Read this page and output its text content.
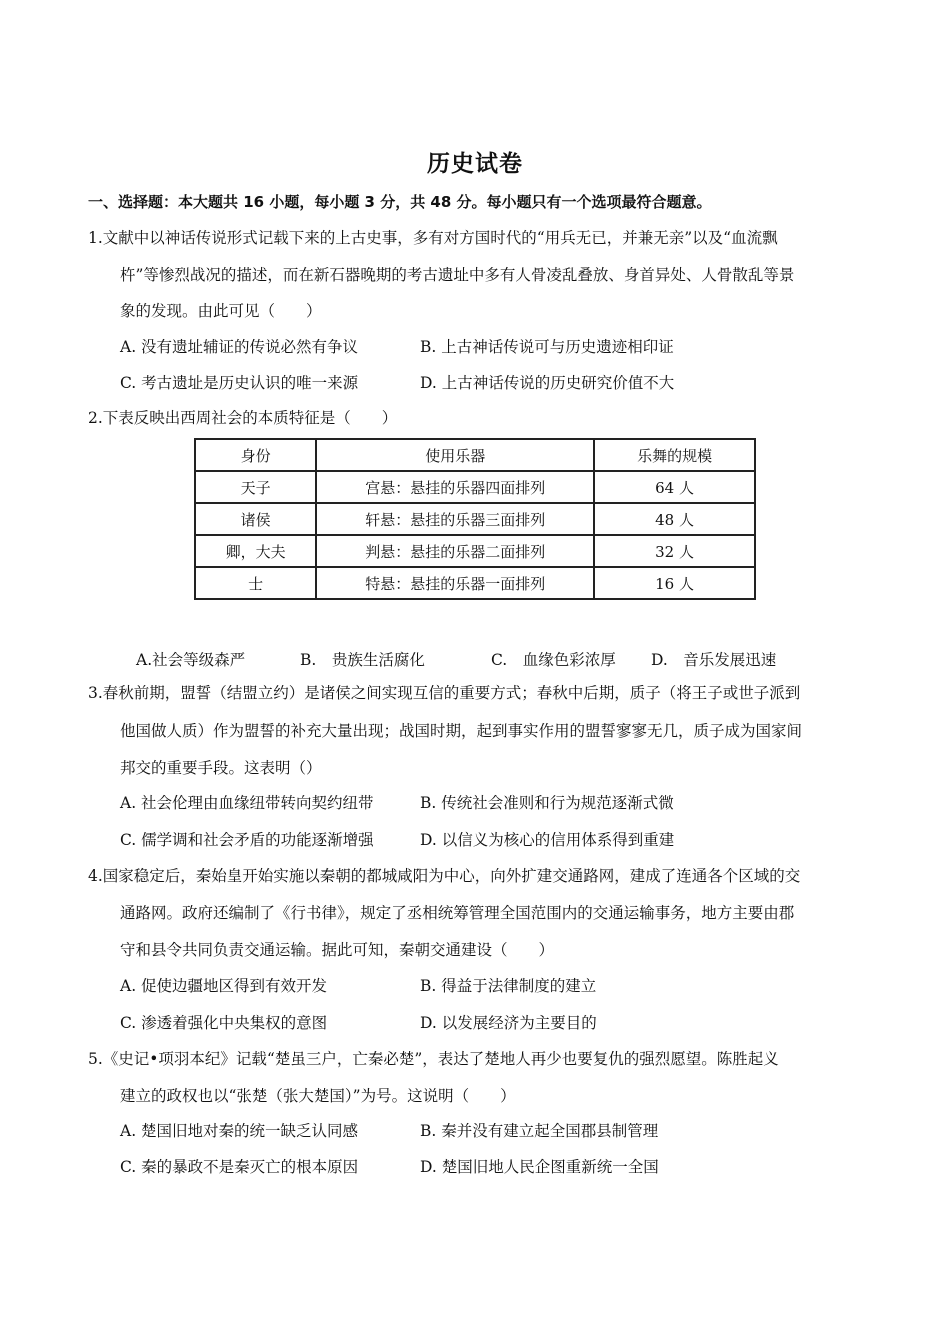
历史试卷
一、选择题：本大题共 16 小题，每小题 3 分，共 48 分。每小题只有一个选项最符合题意。
1.文献中以神话传说形式记载下来的上古史事，多有对方国时代的“用兵无已，并兼无亲”以及“血流飘
杵”等惨烈战况的描述，而在新石器晚期的考古遗址中多有人骨凌乱叠放、身首异处、人骨散乱等景
象的发现。由此可见（　　）
A. 没有遗址辅证的传说必然有争议	B. 上古神话传说可与历史遗迹相印证
C. 考古遗址是历史认识的唯一来源	D. 上古神话传说的历史研究价值不大
2.下表反映出西周社会的本质特征是（　　）
身份	使用乐器	乐舞的规模
天子	宫悬：悬挂的乐器四面排列	64 人
诸侯	轩悬：悬挂的乐器三面排列	48 人
卿，大夫	判悬：悬挂的乐器二面排列	32 人
士	特悬：悬挂的乐器一面排列	16 人
A.社会等级森严	B.　贵族生活腐化	C.　血缘色彩浓厚 D.　音乐发展迅速
3.春秋前期，盟誓（结盟立约）是诸侯之间实现互信的重要方式；春秋中后期，质子（将王子或世子派到
他国做人质）作为盟誓的补充大量出现；战国时期，起到事实作用的盟誓寥寥无几，质子成为国家间
邦交的重要手段。这表明（）
A. 社会伦理由血缘纽带转向契约纽带	B. 传统社会准则和行为规范逐渐式微
C. 儒学调和社会矛盾的功能逐渐增强	D. 以信义为核心的信用体系得到重建
4.国家稳定后，秦始皇开始实施以秦朝的都城咸阳为中心，向外扩建交通路网，建成了连通各个区域的交
通路网。政府还编制了《行书律》，规定了丞相统筹管理全国范围内的交通运输事务，地方主要由郡
守和县令共同负责交通运输。据此可知，秦朝交通建设（　　）
A. 促使边疆地区得到有效开发	B. 得益于法律制度的建立
C. 渗透着强化中央集权的意图	D. 以发展经济为主要目的
5.《史记•项羽本纪》记载“楚虽三户，亡秦必楚”，表达了楚地人再少也要复仇的强烈愿望。陈胜起义
建立的政权也以“张楚（张大楚国）”为号。这说明（　　）
A. 楚国旧地对秦的统一缺乏认同感	B. 秦并没有建立起全国郡县制管理
C. 秦的暴政不是秦灭亡的根本原因	D. 楚国旧地人民企图重新统一全国
